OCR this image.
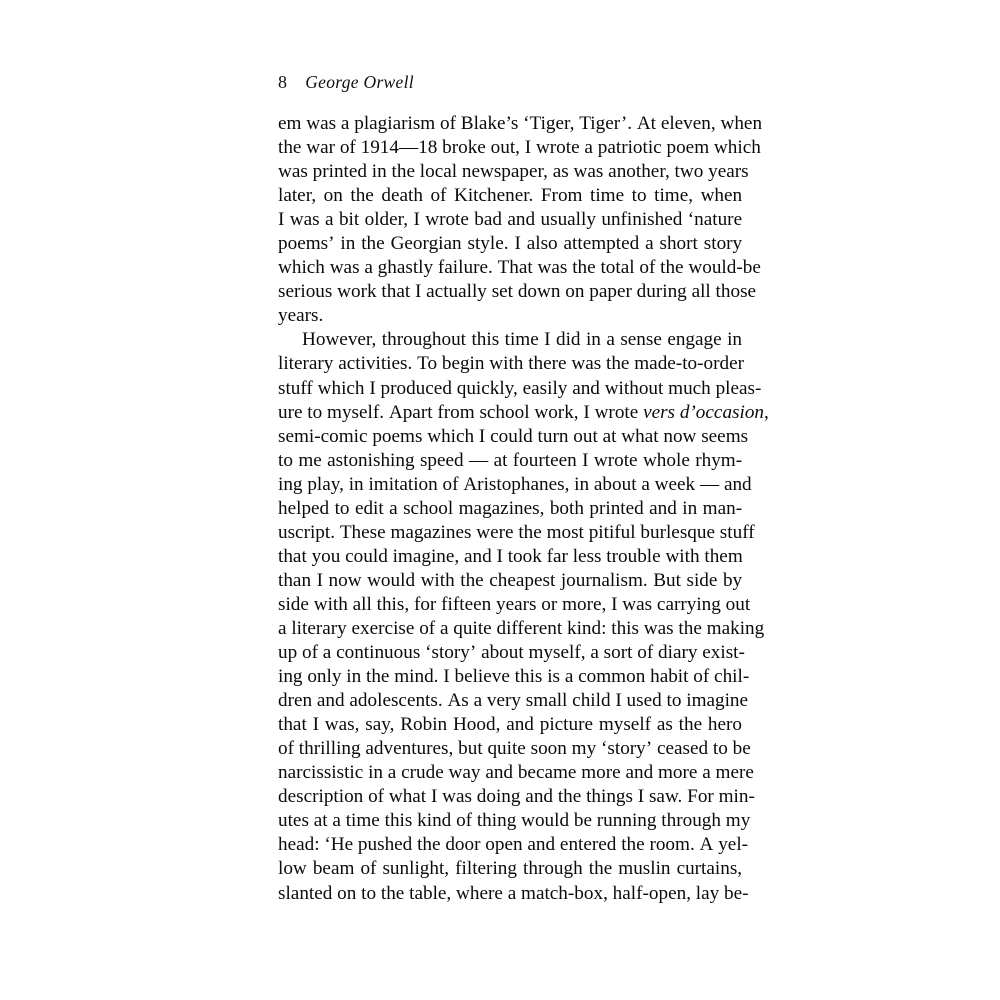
8 George Orwell

em was a plagiarism of Blake’s ‘Tiger, Tiger’. At eleven, when
the war of 1914—18 broke out, I wrote a patriotic poem which
was printed in the local newspaper, as was another, two years
later, on the death of Kitchener. From time to time, when
I was a bit older, I wrote bad and usually unfinished ‘nature
poems’ in the Georgian style. I also attempted a short story
which was a ghastly failure. That was the total of the would-be
serious work that I actually set down on paper during all those
years.

However, throughout this time I did in a sense engage in
literary activities. To begin with there was the made-to-order
stuff which I produced quickly, easily and without much pleas-
ure to myself. Apart from school work, I wrote vers d’occasion,
semi-comic poems which I could turn out at what now seems
to me astonishing speed — at fourteen I wrote whole rhym-
ing play, in imitation of Aristophanes, in about a week — and
helped to edit a school magazines, both printed and in man-
uscript. These magazines were the most pitiful burlesque stuff
that you could imagine, and I took far less trouble with them
than I now would with the cheapest journalism. But side by
side with all this, for fifteen years or more, I was carrying out
a literary exercise of a quite different kind: this was the making
up of a continuous ‘story’ about myself, a sort of diary exist-
ing only in the mind. I believe this is a common habit of chil-
dren and adolescents. As a very small child I used to imagine
that I was, say, Robin Hood, and picture myself as the hero
of thrilling adventures, but quite soon my ‘story’ ceased to be
narcissistic in a crude way and became more and more a mere
description of what I was doing and the things I saw. For min-
utes at a time this kind of thing would be running through my
head: ‘He pushed the door open and entered the room. A yel-
low beam of sunlight, filtering through the muslin curtains,
slanted on to the table, where a match-box, half-open, lay be-
